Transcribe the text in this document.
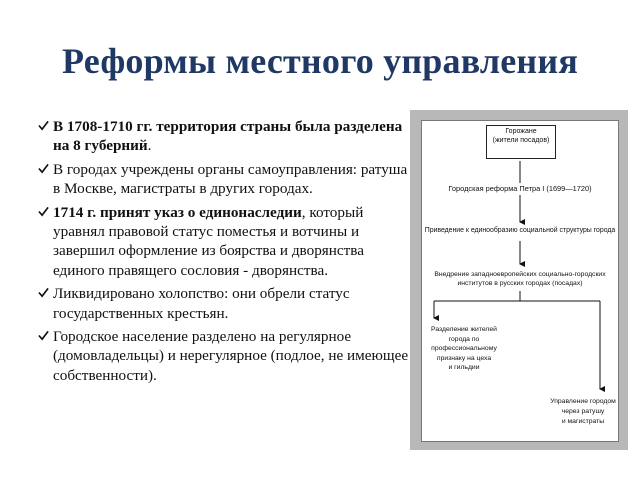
Реформы местного управления
В 1708-1710 гг. территория страны была разделена на 8 губерний.
В городах учреждены органы самоуправления: ратуша в Москве, магистраты в других городах.
1714 г. принят указ о единонаследии, который уравнял правовой статус поместья и вотчины и завершил оформление из боярства и дворянства единого правящего сословия - дворянства.
Ликвидировано холопство: они обрели статус государственных крестьян.
Городское население разделено на регулярное (домовладельцы) и нерегулярное (подлое, не имеющее собственности).
Горожане
(жители посадов)
Городская реформа Петра I (1699—1720)
Приведение к единообразию социальной структуры города
Внедрение западноевропейских социально-городских
институтов в русских городах (посадах)
Разделение жителей
города по
профессиональному
признаку на цеха
и гильдии
Управление городом
через ратушу
и магистраты
